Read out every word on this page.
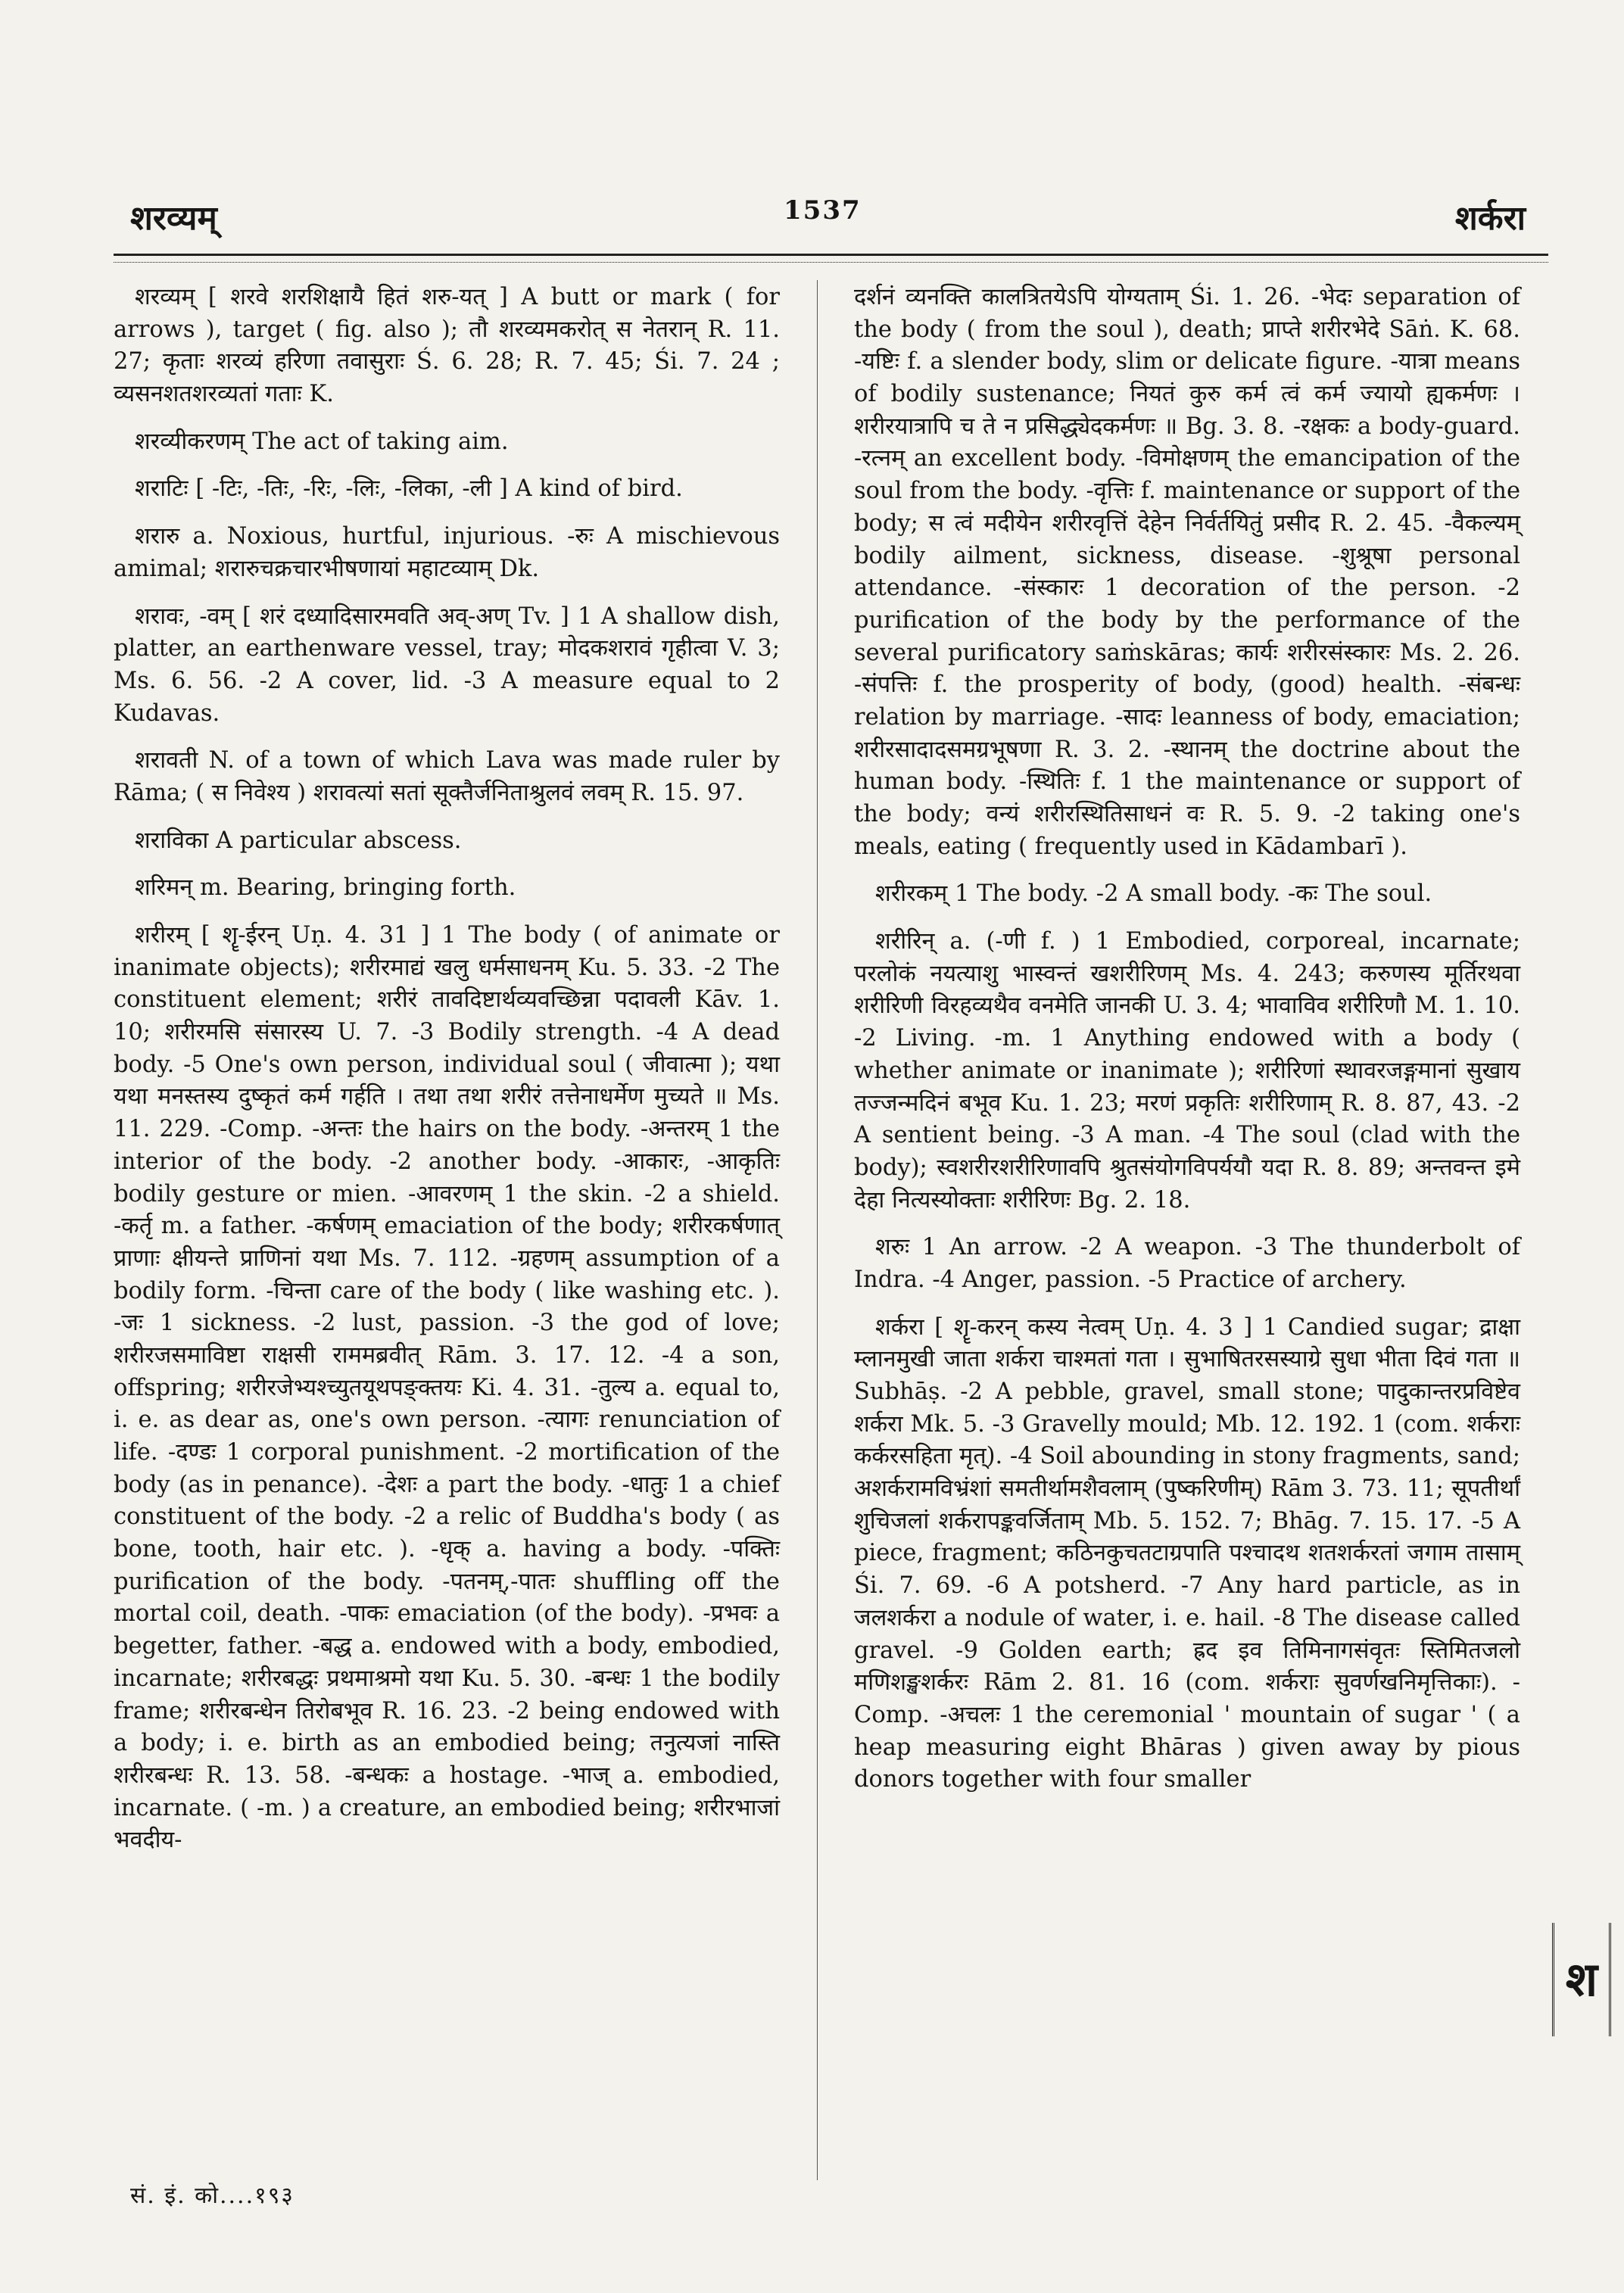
शरव्यम्	1537	शर्करा

शरव्यम् [ शरवे शरशिक्षायै हितं शरु-यत् ] A butt or mark ( for arrows ), target ( fig. also ); तौ शरव्यमकरोत् स नेतरान् R. 11. 27; कृताः शरव्यं हरिणा तवासुराः Ś. 6. 28; R. 7. 45; Śi. 7. 24 ; व्यसनशतशरव्यतां गताः K.

शरव्यीकरणम् The act of taking aim.

शराटिः [ -टिः, -तिः, -रिः, -लिः, -लिका, -ली ] A kind of bird.

शरारु a. Noxious, hurtful, injurious. -रुः A mischievous amimal; शरारुचक्रचारभीषणायां महाटव्याम् Dk.

शरावः, -वम् [ शरं दध्यादिसारमवति अव्-अण् Tv. ] 1 A shallow dish, platter, an earthenware vessel, tray; मोदकशरावं गृहीत्वा V. 3; Ms. 6. 56. -2 A cover, lid. -3 A measure equal to 2 Kudavas.

शरावती N. of a town of which Lava was made ruler by Rāma; ( स निवेश्य ) शरावत्यां सतां सूक्तैर्जनिताश्रुलवं लवम् R. 15. 97.

शराविका A particular abscess.

शरिमन् m. Bearing, bringing forth.

शरीरम् [ शॄ-ईरन् Uṇ. 4. 31 ] 1 The body ( of animate or inanimate objects); शरीरमाद्यं खलु धर्मसाधनम् Ku. 5. 33. -2 The constituent element; शरीरं तावदिष्टार्थव्यवच्छिन्ना पदावली Kāv. 1. 10; शरीरमसि संसारस्य U. 7. -3 Bodily strength. -4 A dead body. -5 One's own person, individual soul ( जीवात्मा ); यथा यथा मनस्तस्य दुष्कृतं कर्म गर्हति । तथा तथा शरीरं तत्तेनाधर्मेण मुच्यते ॥ Ms. 11. 229. -Comp. -अन्तः the hairs on the body. -अन्तरम् 1 the interior of the body. -2 another body. -आकारः, -आकृतिः bodily gesture or mien. -आवरणम् 1 the skin. -2 a shield. -कर्तृ m. a father. -कर्षणम् emaciation of the body; शरीरकर्षणात् प्राणाः क्षीयन्ते प्राणिनां यथा Ms. 7. 112. -ग्रहणम् assumption of a bodily form. -चिन्ता care of the body ( like washing etc. ). -जः 1 sickness. -2 lust, passion. -3 the god of love; शरीरजसमाविष्टा राक्षसी राममब्रवीत् Rām. 3. 17. 12. -4 a son, offspring; शरीरजेभ्यश्च्युतयूथपङ्क्तयः Ki. 4. 31. -तुल्य a. equal to, i. e. as dear as, one's own person. -त्यागः renunciation of life. -दण्डः 1 corporal punishment. -2 mortification of the body (as in penance). -देशः a part the body. -धातुः 1 a chief constituent of the body. -2 a relic of Buddha's body ( as bone, tooth, hair etc. ). -धृक् a. having a body. -पक्तिः purification of the body. -पतनम्,-पातः shuffling off the mortal coil, death. -पाकः emaciation (of the body). -प्रभवः a begetter, father. -बद्ध a. endowed with a body, embodied, incarnate; शरीरबद्धः प्रथमाश्रमो यथा Ku. 5. 30. -बन्धः 1 the bodily frame; शरीरबन्धेन तिरोबभूव R. 16. 23. -2 being endowed with a body; i. e. birth as an embodied being; तनुत्यजां नास्ति शरीरबन्धः R. 13. 58. -बन्धकः a hostage. -भाज् a. embodied, incarnate. ( -m. ) a creature, an embodied being; शरीरभाजां भवदीय-

दर्शनं व्यनक्ति कालत्रितयेऽपि योग्यताम् Śi. 1. 26. -भेदः separation of the body ( from the soul ), death; प्राप्ते शरीरभेदे Sāṅ. K. 68. -यष्टिः f. a slender body, slim or delicate figure. -यात्रा means of bodily sustenance; नियतं कुरु कर्म त्वं कर्म ज्यायो ह्यकर्मणः । शरीरयात्रापि च ते न प्रसिद्ध्येदकर्मणः ॥ Bg. 3. 8. -रक्षकः a body-guard. -रत्नम् an excellent body. -विमोक्षणम् the emancipation of the soul from the body. -वृत्तिः f. maintenance or support of the body; स त्वं मदीयेन शरीरवृत्तिं देहेन निर्वर्तयितुं प्रसीद R. 2. 45. -वैकल्यम् bodily ailment, sickness, disease. -शुश्रूषा personal attendance. -संस्कारः 1 decoration of the person. -2 purification of the body by the performance of the several purificatory saṁskāras; कार्यः शरीरसंस्कारः Ms. 2. 26. -संपत्तिः f. the prosperity of body, (good) health. -संबन्धः relation by marriage. -सादः leanness of body, emaciation; शरीरसादादसमग्रभूषणा R. 3. 2. -स्थानम् the doctrine about the human body. -स्थितिः f. 1 the maintenance or support of the body; वन्यं शरीरस्थितिसाधनं वः R. 5. 9. -2 taking one's meals, eating ( frequently used in Kādambarī ).

शरीरकम् 1 The body. -2 A small body. -कः The soul.

शरीरिन् a. (-णी f. ) 1 Embodied, corporeal, incarnate; परलोकं नयत्याशु भास्वन्तं खशरीरिणम् Ms. 4. 243; करुणस्य मूर्तिरथवा शरीरिणी विरहव्यथैव वनमेति जानकी U. 3. 4; भावाविव शरीरिणौ M. 1. 10. -2 Living. -m. 1 Anything endowed with a body ( whether animate or inanimate ); शरीरिणां स्थावरजङ्गमानां सुखाय तज्जन्मदिनं बभूव Ku. 1. 23; मरणं प्रकृतिः शरीरिणाम् R. 8. 87, 43. -2 A sentient being. -3 A man. -4 The soul (clad with the body); स्वशरीरशरीरिणावपि श्रुतसंयोगविपर्ययौ यदा R. 8. 89; अन्तवन्त इमे देहा नित्यस्योक्ताः शरीरिणः Bg. 2. 18.

शरुः 1 An arrow. -2 A weapon. -3 The thunderbolt of Indra. -4 Anger, passion. -5 Practice of archery.

शर्करा [ शॄ-करन् कस्य नेत्वम् Uṇ. 4. 3 ] 1 Candied sugar; द्राक्षा म्लानमुखी जाता शर्करा चाश्मतां गता । सुभाषितरसस्याग्रे सुधा भीता दिवं गता ॥ Subhāṣ. -2 A pebble, gravel, small stone; पादुकान्तरप्रविष्टेव शर्करा Mk. 5. -3 Gravelly mould; Mb. 12. 192. 1 (com. शर्कराः कर्करसहिता मृत्). -4 Soil abounding in stony fragments, sand; अशर्करामविभ्रंशां समतीर्थामशैवलाम् (पुष्करिणीम्) Rām 3. 73. 11; सूपतीर्थां शुचिजलां शर्करापङ्कवर्जिताम् Mb. 5. 152. 7; Bhāg. 7. 15. 17. -5 A piece, fragment; कठिनकुचतटाग्रपाति पश्चादथ शतशर्करतां जगाम तासाम् Śi. 7. 69. -6 A potsherd. -7 Any hard particle, as in जलशर्करा a nodule of water, i. e. hail. -8 The disease called gravel. -9 Golden earth; ह्रद इव तिमिनागसंवृतः स्तिमितजलो मणिशङ्खशर्करः Rām 2. 81. 16 (com. शर्कराः सुवर्णखनिमृत्तिकाः). -Comp. -अचलः 1 the ceremonial ' mountain of sugar ' ( a heap measuring eight Bhāras ) given away by pious donors together with four smaller

श
सं. इं. को....१९३
